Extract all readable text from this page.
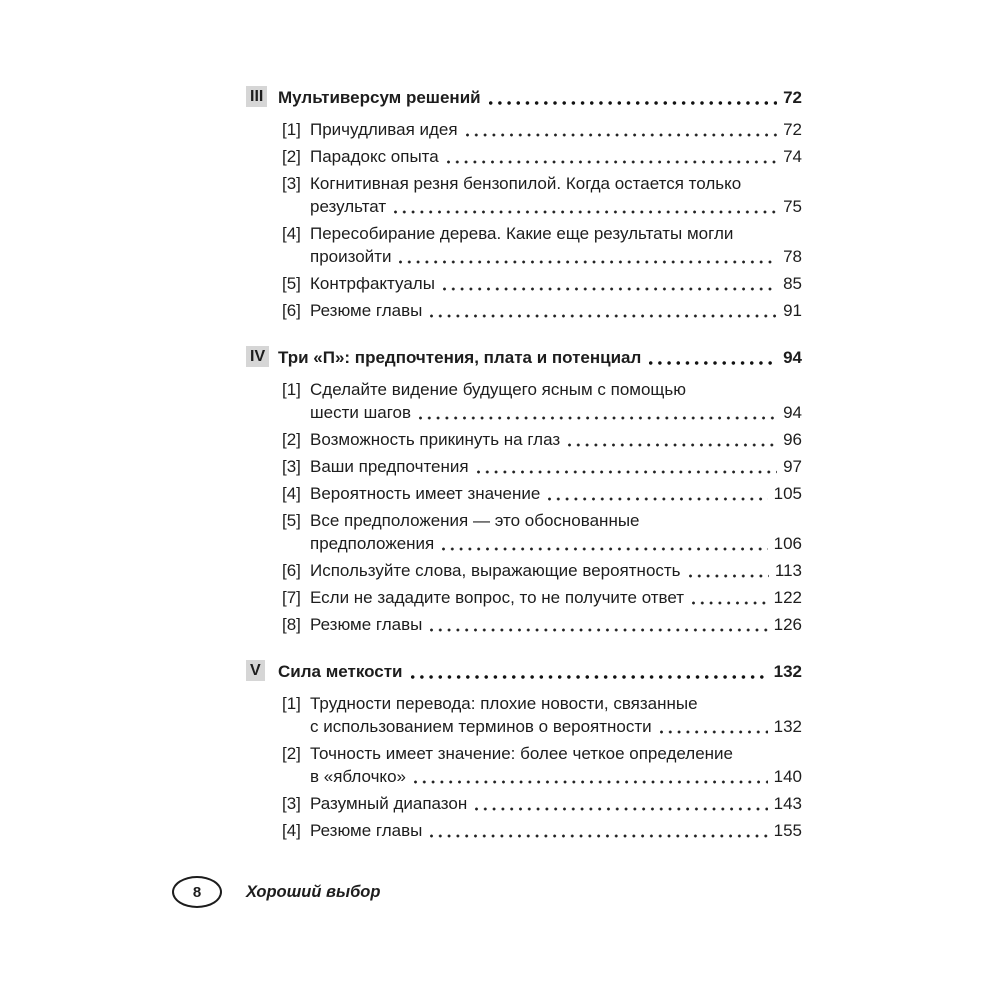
III Мультиверсум решений	72
[1] Причудливая идея	72
[2] Парадокс опыта	74
[3] Когнитивная резня бензопилой. Когда остается только
результат	75
[4] Пересобирание дерева. Какие еще результаты могли
произойти	78
[5] Контрфактуалы	85
[6] Резюме главы	91
IV Три «П»: предпочтения, плата и потенциал	94
[1] Сделайте видение будущего ясным с помощью
шести шагов	94
[2] Возможность прикинуть на глаз	96
[3] Ваши предпочтения	97
[4] Вероятность имеет значение	105
[5] Все предположения — это обоснованные
предположения	106
[6] Используйте слова, выражающие вероятность	113
[7] Если не зададите вопрос, то не получите ответ	122
[8] Резюме главы	126
V	Сила меткости	132
[1] Трудности перевода: плохие новости, связанные
с использованием терминов о вероятности	132
[2] Точность имеет значение: более четкое определение
в «яблочко»	140
[3] Разумный диапазон	143
[4] Резюме главы	155
8	Хороший выбор
